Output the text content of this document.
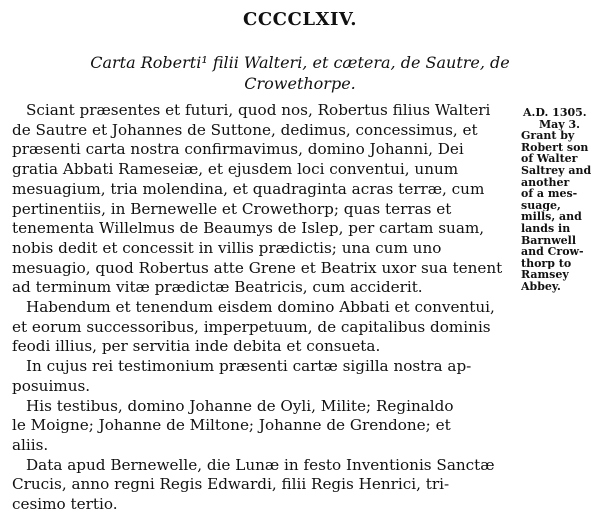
CCCCLXIV.
Carta Roberti¹ filii Walteri, et cætera, de Sautre, de
Crowethorpe.
Sciant præsentes et futuri, quod nos, Robertus filius Walteri
de Sautre et Johannes de Suttone, dedimus, concessimus, et
præsenti carta nostra confirmavimus, domino Johanni, Dei
gratia Abbati Rameseiæ, et ejusdem loci conventui, unum
mesuagium, tria molendina, et quadraginta acras terræ, cum
pertinentiis, in Bernewelle et Crowethorp; quas terras et
tenementa Willelmus de Beaumys de Islep, per cartam suam,
nobis dedit et concessit in villis prædictis; una cum uno
mesuagio, quod Robertus atte Grene et Beatrix uxor sua tenent
ad terminum vitæ prædictæ Beatricis, cum acciderit.
Habendum et tenendum eisdem domino Abbati et conventui,
et eorum successoribus, imperpetuum, de capitalibus dominis
feodi illius, per servitia inde debita et consueta.
In cujus rei testimonium præsenti cartæ sigilla nostra ap-
posuimus.
His testibus, domino Johanne de Oyli, Milite; Reginaldo
le Moigne; Johanne de Miltone; Johanne de Grendone; et
aliis.
Data apud Bernewelle, die Lunæ in festo Inventionis Sanctæ
Crucis, anno regni Regis Edwardi, filii Regis Henrici, tri-
cesimo tertio.
A.D. 1305.
May 3.
Grant by
Robert son
of Walter
Saltrey and
another
of a mes-
suage,
mills, and
lands in
Barnwell
and Crow-
thorp to
Ramsey
Abbey.
